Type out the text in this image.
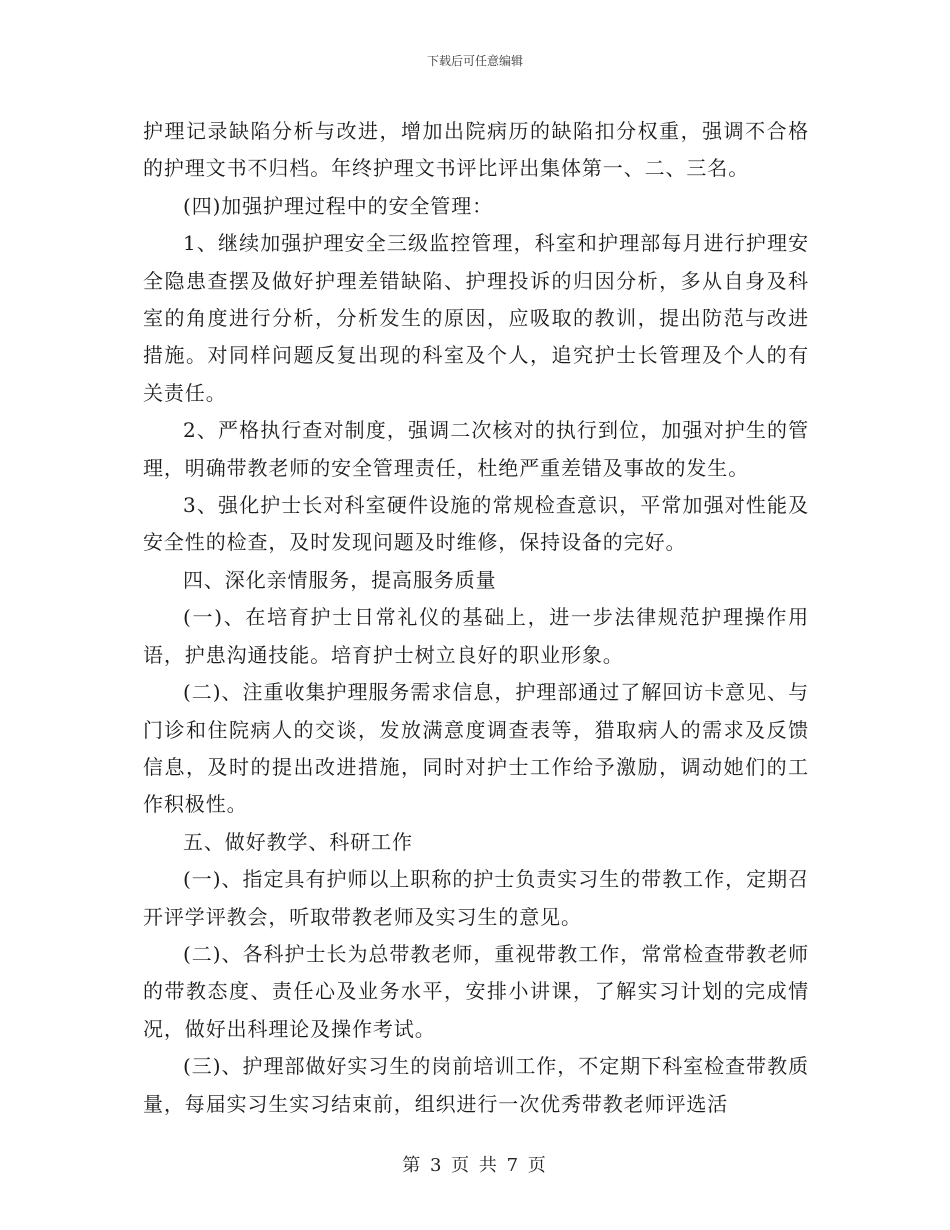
下载后可任意编辑

护理记录缺陷分析与改进，增加出院病历的缺陷扣分权重，强调不合格的护理文书不归档。年终护理文书评比评出集体第一、二、三名。

(四)加强护理过程中的安全管理：

1、继续加强护理安全三级监控管理，科室和护理部每月进行护理安全隐患查摆及做好护理差错缺陷、护理投诉的归因分析，多从自身及科室的角度进行分析，分析发生的原因，应吸取的教训，提出防范与改进措施。对同样问题反复出现的科室及个人，追究护士长管理及个人的有关责任。

2、严格执行查对制度，强调二次核对的执行到位，加强对护生的管理，明确带教老师的安全管理责任，杜绝严重差错及事故的发生。

3、强化护士长对科室硬件设施的常规检查意识，平常加强对性能及安全性的检查，及时发现问题及时维修，保持设备的完好。

四、深化亲情服务，提高服务质量

(一)、在培育护士日常礼仪的基础上，进一步法律规范护理操作用语，护患沟通技能。培育护士树立良好的职业形象。

(二)、注重收集护理服务需求信息，护理部通过了解回访卡意见、与门诊和住院病人的交谈，发放满意度调查表等，猎取病人的需求及反馈信息，及时的提出改进措施，同时对护士工作给予激励，调动她们的工作积极性。

五、做好教学、科研工作

(一)、指定具有护师以上职称的护士负责实习生的带教工作，定期召开评学评教会，听取带教老师及实习生的意见。

(二)、各科护士长为总带教老师，重视带教工作，常常检查带教老师的带教态度、责任心及业务水平，安排小讲课，了解实习计划的完成情况，做好出科理论及操作考试。

(三)、护理部做好实习生的岗前培训工作，不定期下科室检查带教质量，每届实习生实习结束前，组织进行一次优秀带教老师评选活

第 3 页 共 7 页
